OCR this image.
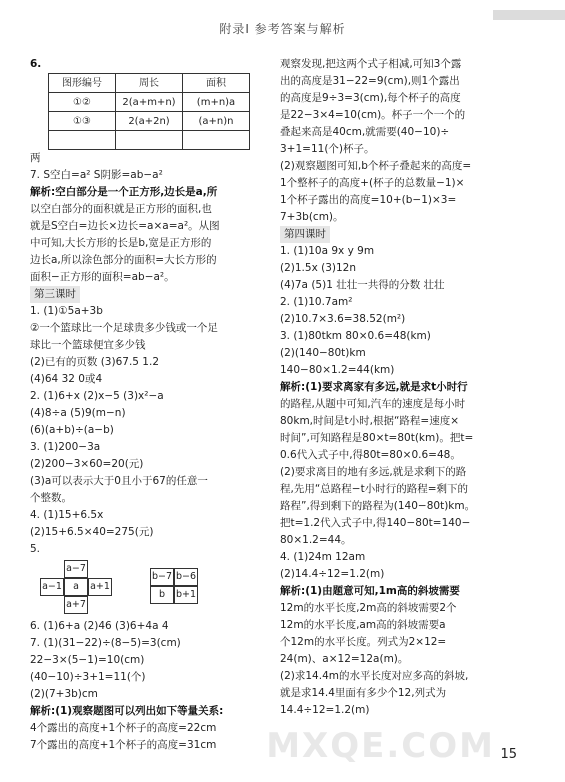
附录Ⅰ 参考答案与解析
6.
图形编号	周长	面积
①②	2(a+m+n)	(m+n)a
①③	2(a+2n)	(a+n)n

两
7. S空白=a² S阴影=ab−a²
解析:空白部分是一个正方形,边长是a,所
以空白部分的面积就是正方形的面积,也
就是S空白=边长×边长=a×a=a²。从图
中可知,大长方形的长是b,宽是正方形的
边长a,所以涂色部分的面积=大长方形的
面积−正方形的面积=ab−a²。
第三课时
1. (1)①5a+3b
②一个篮球比一个足球贵多少钱或一个足
球比一个篮球便宜多少钱
(2)已有的页数 (3)67.5 1.2
(4)64 32 0或4
2. (1)6+x (2)x−5 (3)x²−a
(4)8÷a (5)9(m−n)
(6)(a+b)÷(a−b)
3. (1)200−3a
(2)200−3×60=20(元)
(3)a可以表示大于0且小于67的任意一
个整数。
4. (1)15+6.5x
(2)15+6.5×40=275(元)
5.
a−7
a−1	a	a+1
a+7
b−7 b−6
b	b+1
6. (1)6+a (2)46 (3)6+4a 4
7. (1)(31−22)÷(8−5)=3(cm)
22−3×(5−1)=10(cm)
(40−10)÷3+1=11(个)
(2)(7+3b)cm
解析:(1)观察题图可以列出如下等量关系:
4个露出的高度+1个杯子的高度=22cm
7个露出的高度+1个杯子的高度=31cm
观察发现,把这两个式子相减,可知3个露
出的高度是31−22=9(cm),则1个露出
的高度是9÷3=3(cm),每个杯子的高度
是22−3×4=10(cm)。杯子一个一个的
叠起来高是40cm,就需要(40−10)÷
3+1=11(个)杯子。
(2)观察题图可知,b个杯子叠起来的高度=
1个整杯子的高度+(杯子的总数量−1)×
1个杯子露出的高度=10+(b−1)×3=
7+3b(cm)。
第四课时
1. (1)10a 9x y 9m
(2)1.5x (3)12n
(4)7a (5)1 壮壮一共得的分数 壮壮
2. (1)10.7am²
(2)10.7×3.6=38.52(m²)
3. (1)80tkm 80×0.6=48(km)
(2)(140−80t)km
140−80×1.2=44(km)
解析:(1)要求离家有多远,就是求t小时行
的路程,从题中可知,汽车的速度是每小时
80km,时间是t小时,根据“路程=速度×
时间”,可知路程是80×t=80t(km)。把t=
0.6代入式子中,得80t=80×0.6=48。
(2)要求离目的地有多远,就是求剩下的路
程,先用“总路程−t小时行的路程=剩下的
路程”,得到剩下的路程为(140−80t)km。
把t=1.2代入式子中,得140−80t=140−
80×1.2=44。
4. (1)24m 12am
(2)14.4÷12=1.2(m)
解析:(1)由题意可知,1m高的斜坡需要
12m的水平长度,2m高的斜坡需要2个
12m的水平长度,am高的斜坡需要a
个12m的水平长度。列式为2×12=
24(m)、a×12=12a(m)。
(2)求14.4m的水平长度对应多高的斜坡,
就是求14.4里面有多少个12,列式为
14.4÷12=1.2(m)
MXQE.COM 15
